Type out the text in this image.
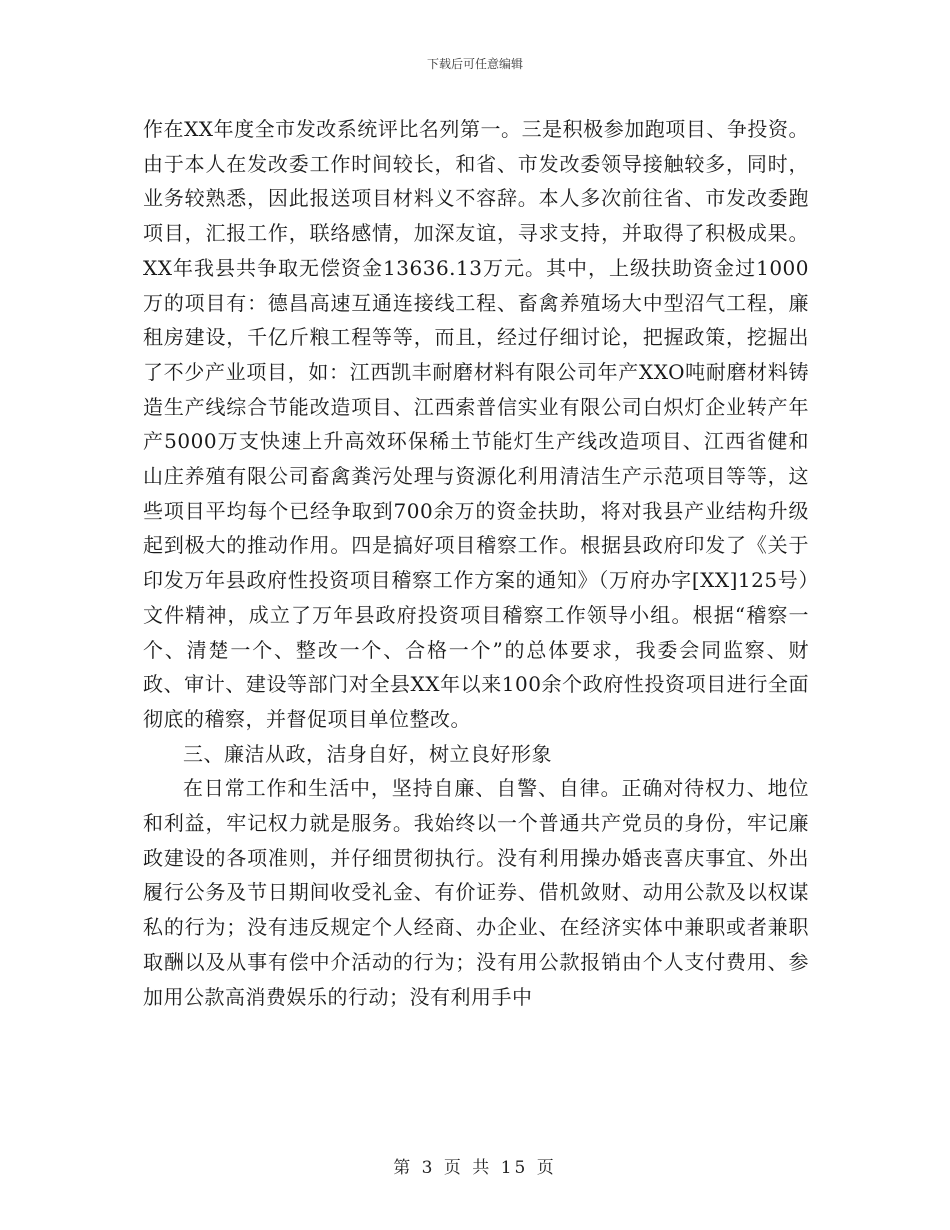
下载后可任意编辑

作在XX年度全市发改系统评比名列第一。三是积极参加跑项目、争投资。由于本人在发改委工作时间较长，和省、市发改委领导接触较多，同时，业务较熟悉，因此报送项目材料义不容辞。本人多次前往省、市发改委跑项目，汇报工作，联络感情，加深友谊，寻求支持，并取得了积极成果。XX年我县共争取无偿资金13636.13万元。其中，上级扶助资金过1000万的项目有：德昌高速互通连接线工程、畜禽养殖场大中型沼气工程，廉租房建设，千亿斤粮工程等等，而且，经过仔细讨论，把握政策，挖掘出了不少产业项目，如：江西凯丰耐磨材料有限公司年产XXO吨耐磨材料铸造生产线综合节能改造项目、江西索普信实业有限公司白炽灯企业转产年产5000万支快速上升高效环保稀土节能灯生产线改造项目、江西省健和山庄养殖有限公司畜禽粪污处理与资源化利用清洁生产示范项目等等，这些项目平均每个已经争取到700余万的资金扶助，将对我县产业结构升级起到极大的推动作用。四是搞好项目稽察工作。根据县政府印发了《关于印发万年县政府性投资项目稽察工作方案的通知》（万府办字[XX]125号）文件精神，成立了万年县政府投资项目稽察工作领导小组。根据“稽察一个、清楚一个、整改一个、合格一个”的总体要求，我委会同监察、财政、审计、建设等部门对全县XX年以来100余个政府性投资项目进行全面彻底的稽察，并督促项目单位整改。

三、廉洁从政，洁身自好，树立良好形象

在日常工作和生活中，坚持自廉、自警、自律。正确对待权力、地位和利益，牢记权力就是服务。我始终以一个普通共产党员的身份，牢记廉政建设的各项准则，并仔细贯彻执行。没有利用操办婚丧喜庆事宜、外出履行公务及节日期间收受礼金、有价证券、借机敛财、动用公款及以权谋私的行为；没有违反规定个人经商、办企业、在经济实体中兼职或者兼职取酬以及从事有偿中介活动的行为；没有用公款报销由个人支付费用、参加用公款高消费娱乐的行动；没有利用手中

第 3 页 共 15 页
